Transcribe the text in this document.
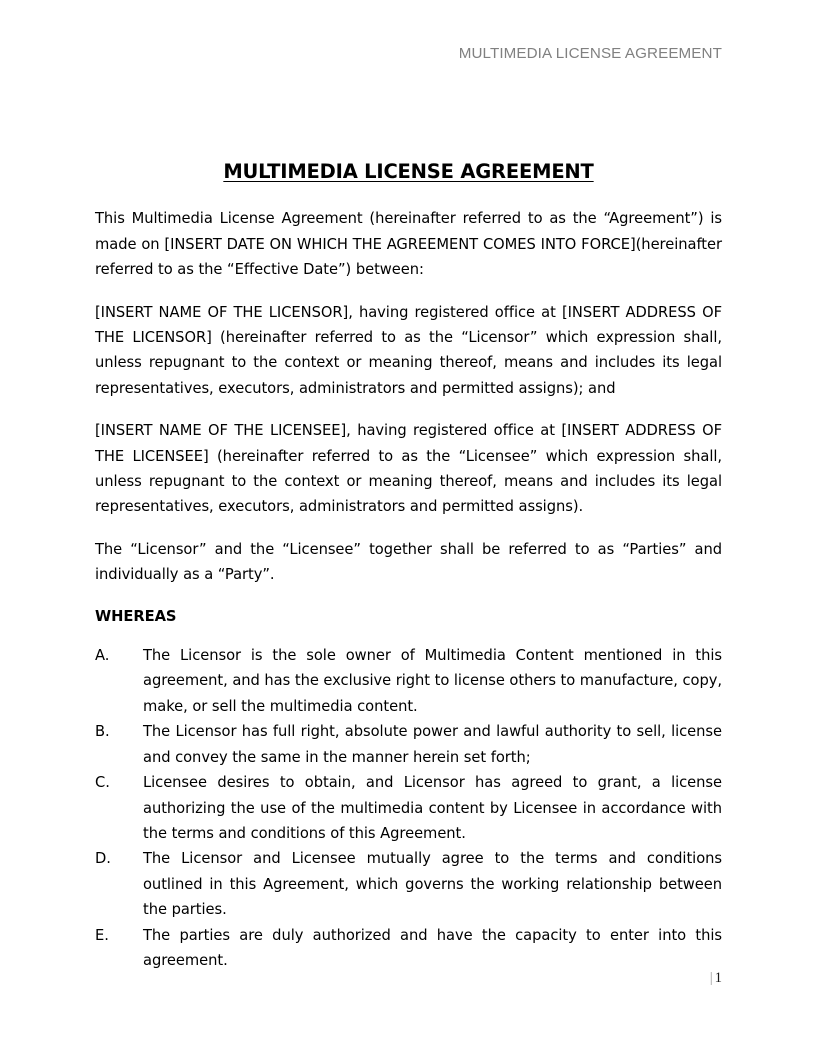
MULTIMEDIA LICENSE AGREEMENT
MULTIMEDIA LICENSE AGREEMENT

This Multimedia License Agreement (hereinafter referred to as the “Agreement”) is made on [INSERT DATE ON WHICH THE AGREEMENT COMES INTO FORCE](hereinafter referred to as the “Effective Date”) between:

[INSERT NAME OF THE LICENSOR], having registered office at [INSERT ADDRESS OF THE LICENSOR] (hereinafter referred to as the “Licensor” which expression shall, unless repugnant to the context or meaning thereof, means and includes its legal representatives, executors, administrators and permitted assigns); and

[INSERT NAME OF THE LICENSEE], having registered office at [INSERT ADDRESS OF THE LICENSEE] (hereinafter referred to as the “Licensee” which expression shall, unless repugnant to the context or meaning thereof, means and includes its legal representatives, executors, administrators and permitted assigns).

The “Licensor” and the “Licensee” together shall be referred to as “Parties” and individually as a “Party”.

WHEREAS
A.	The Licensor is the sole owner of Multimedia Content mentioned in this agreement, and has the exclusive right to license others to manufacture, copy, make, or sell the multimedia content.
B.	The Licensor has full right, absolute power and lawful authority to sell, license and convey the same in the manner herein set forth;
C.	Licensee desires to obtain, and Licensor has agreed to grant, a license authorizing the use of the multimedia content by Licensee in accordance with the terms and conditions of this Agreement.
D.	The Licensor and Licensee mutually agree to the terms and conditions outlined in this Agreement, which governs the working relationship between the parties.
E.	The parties are duly authorized and have the capacity to enter into this agreement.
| 1
